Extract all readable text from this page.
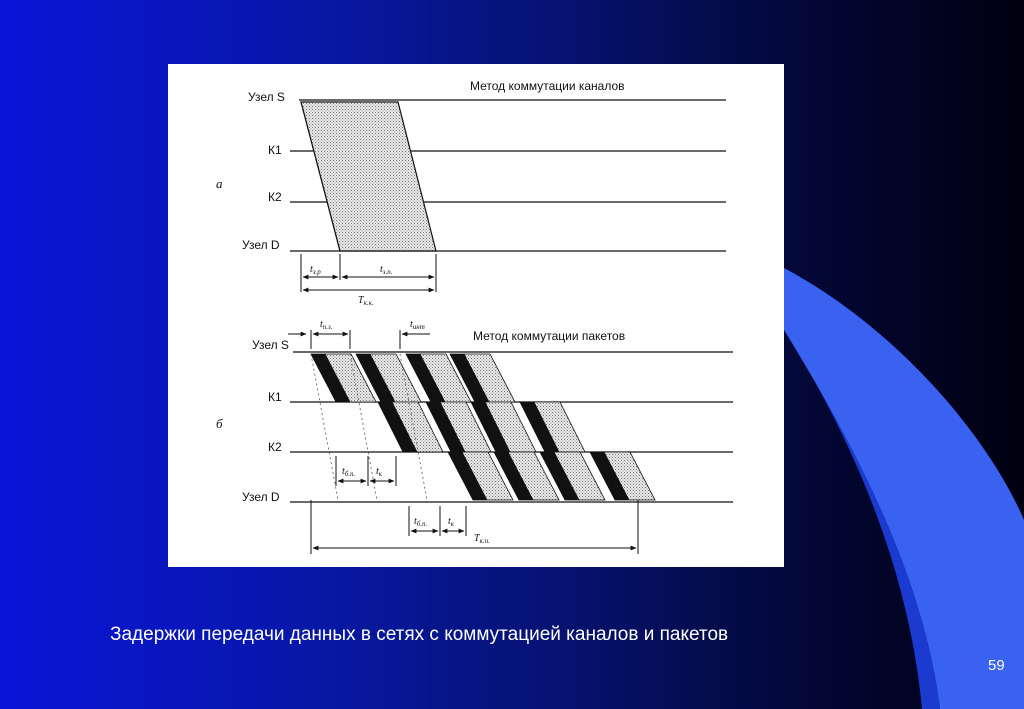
а
Метод коммутации каналов
Узел S
К1
К2
Узел D
$t_{з.р}$	$t_{з.п.}$
$T_{к.к.}$
б
Метод коммутации пакетов
$t_{п.з.}$	$t_{инт}$
Узел S
К1
К2
Узел D
$t_{б.п.}$ $t_к$
$t_{б.п.}$ $t_к$
$T_{к.п.}$
Задержки передачи данных в сетях с коммутацией каналов и пакетов
59
